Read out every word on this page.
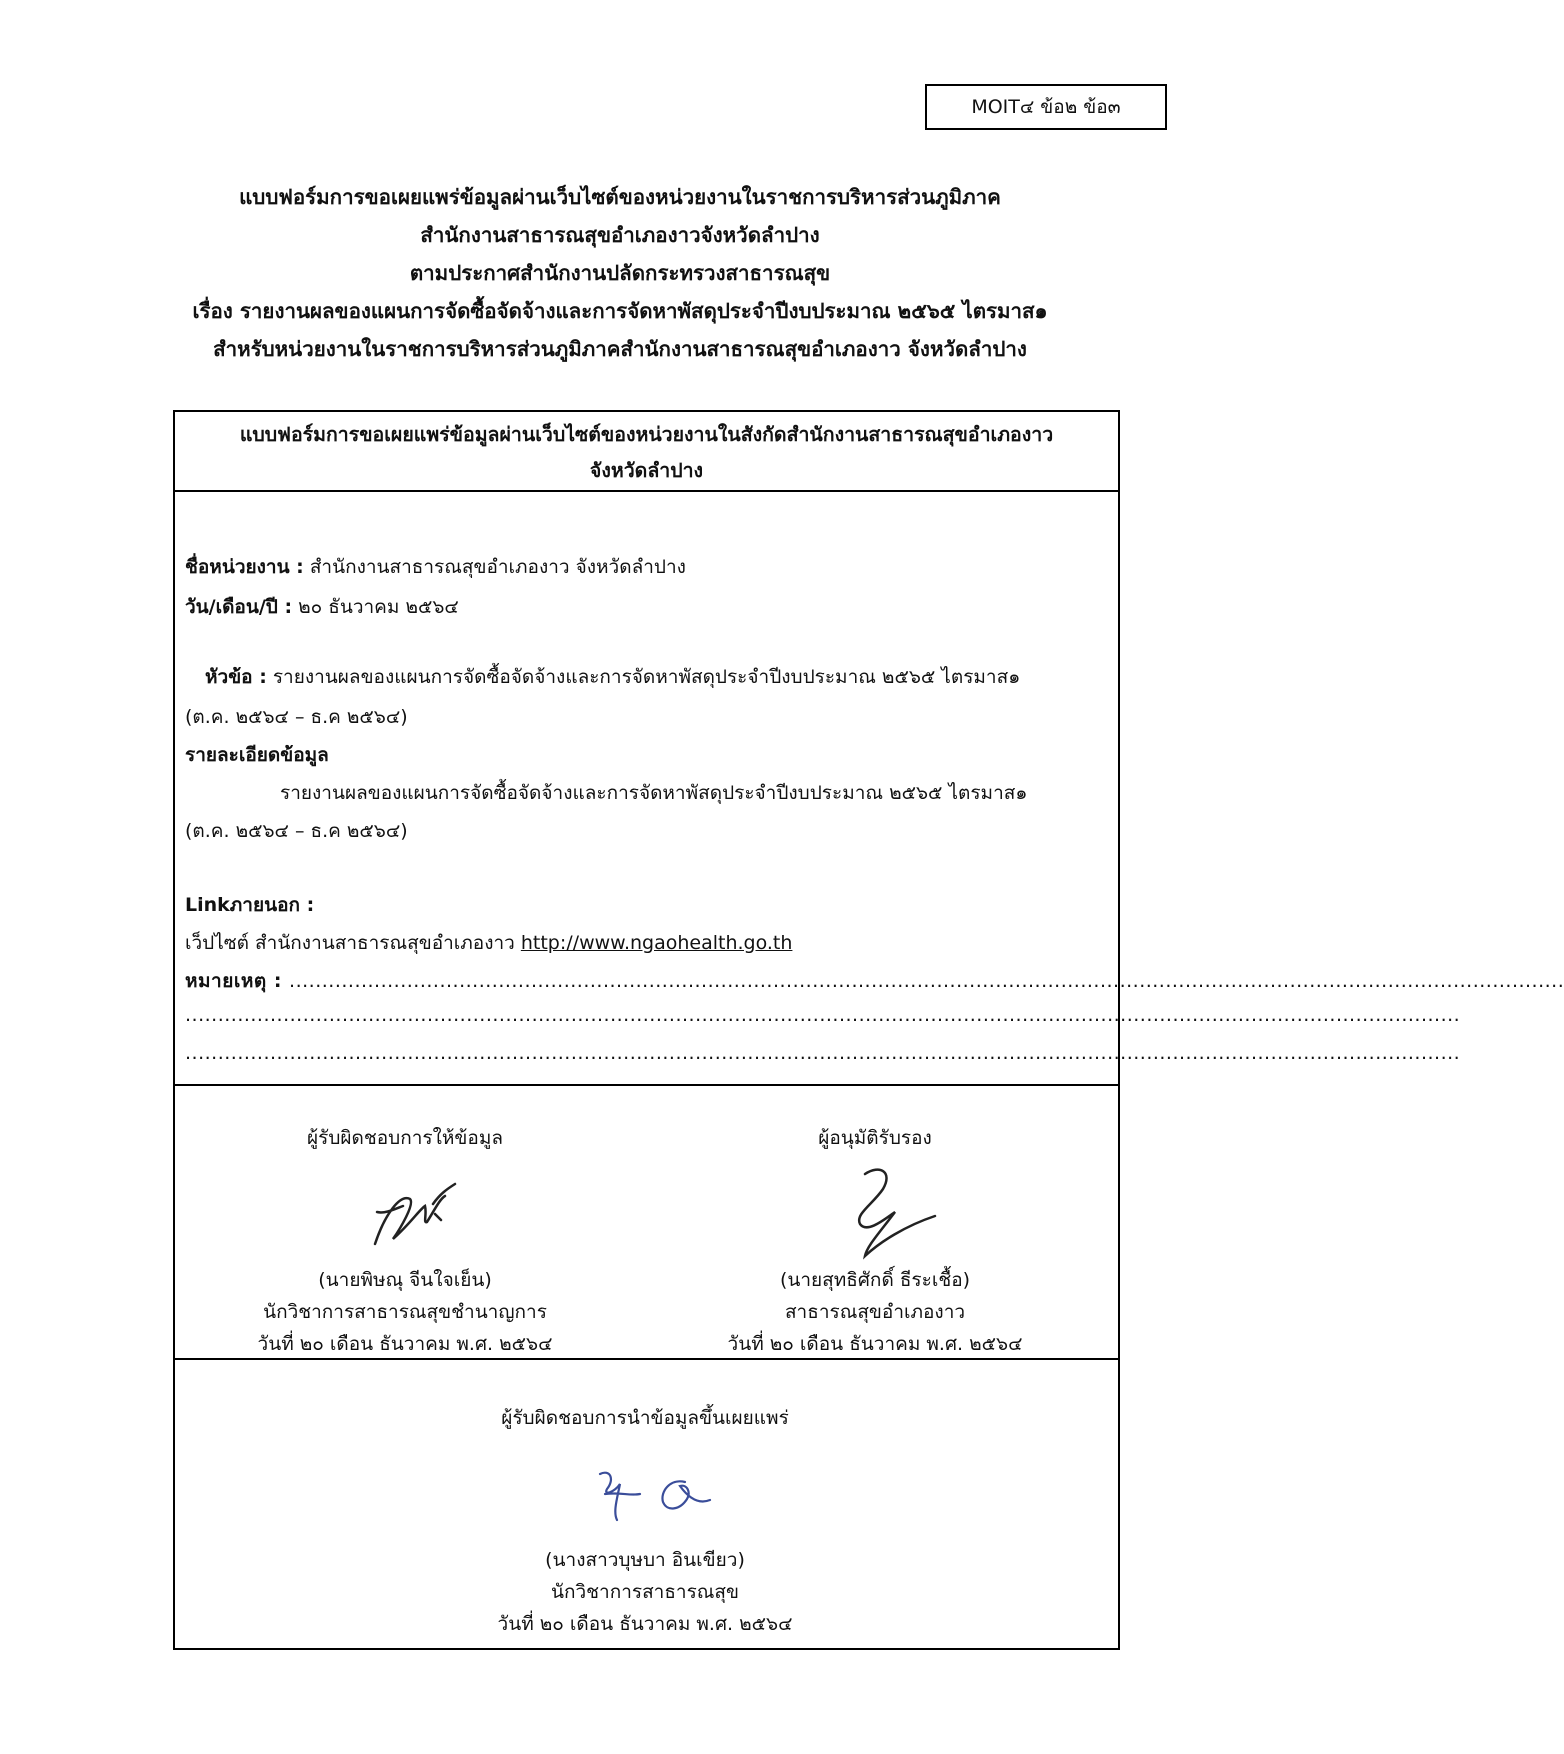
MOIT๔ ข้อ๒ ข้อ๓
แบบฟอร์มการขอเผยแพร่ข้อมูลผ่านเว็บไซต์ของหน่วยงานในราชการบริหารส่วนภูมิภาค
สำนักงานสาธารณสุขอำเภองาวจังหวัดลำปาง
ตามประกาศสำนักงานปลัดกระทรวงสาธารณสุข
เรื่อง รายงานผลของแผนการจัดซื้อจัดจ้างและการจัดหาพัสดุประจำปีงบประมาณ ๒๕๖๕ ไตรมาส๑
สำหรับหน่วยงานในราชการบริหารส่วนภูมิภาคสำนักงานสาธารณสุขอำเภองาว จังหวัดลำปาง
แบบฟอร์มการขอเผยแพร่ข้อมูลผ่านเว็บไซต์ของหน่วยงานในสังกัดสำนักงานสาธารณสุขอำเภองาว
จังหวัดลำปาง
ชื่อหน่วยงาน : สำนักงานสาธารณสุขอำเภองาว จังหวัดลำปาง
วัน/เดือน/ปี : ๒๐ ธันวาคม ๒๕๖๔
หัวข้อ : รายงานผลของแผนการจัดซื้อจัดจ้างและการจัดหาพัสดุประจำปีงบประมาณ ๒๕๖๕ ไตรมาส๑
(ต.ค. ๒๕๖๔ – ธ.ค ๒๕๖๔)
รายละเอียดข้อมูล
รายงานผลของแผนการจัดซื้อจัดจ้างและการจัดหาพัสดุประจำปีงบประมาณ ๒๕๖๕ ไตรมาส๑
(ต.ค. ๒๕๖๔ – ธ.ค ๒๕๖๔)
Linkภายนอก :
เว็ปไซต์ สำนักงานสาธารณสุขอำเภองาว http://www.ngaohealth.go.th
หมายเหตุ : ...................................................................................................................................................................................................
...................................................................................................................................................................................................
...................................................................................................................................................................................................
ผู้รับผิดชอบการให้ข้อมูล
(นายพิษณุ จีนใจเย็น)
นักวิชาการสาธารณสุขชำนาญการ
วันที่ ๒๐ เดือน ธันวาคม พ.ศ. ๒๕๖๔
ผู้อนุมัติรับรอง
(นายสุทธิศักดิ์ ธีระเชื้อ)
สาธารณสุขอำเภองาว
วันที่ ๒๐ เดือน ธันวาคม พ.ศ. ๒๕๖๔
ผู้รับผิดชอบการนำข้อมูลขึ้นเผยแพร่
(นางสาวบุษบา อินเขียว)
นักวิชาการสาธารณสุข
วันที่ ๒๐ เดือน ธันวาคม พ.ศ. ๒๕๖๔
